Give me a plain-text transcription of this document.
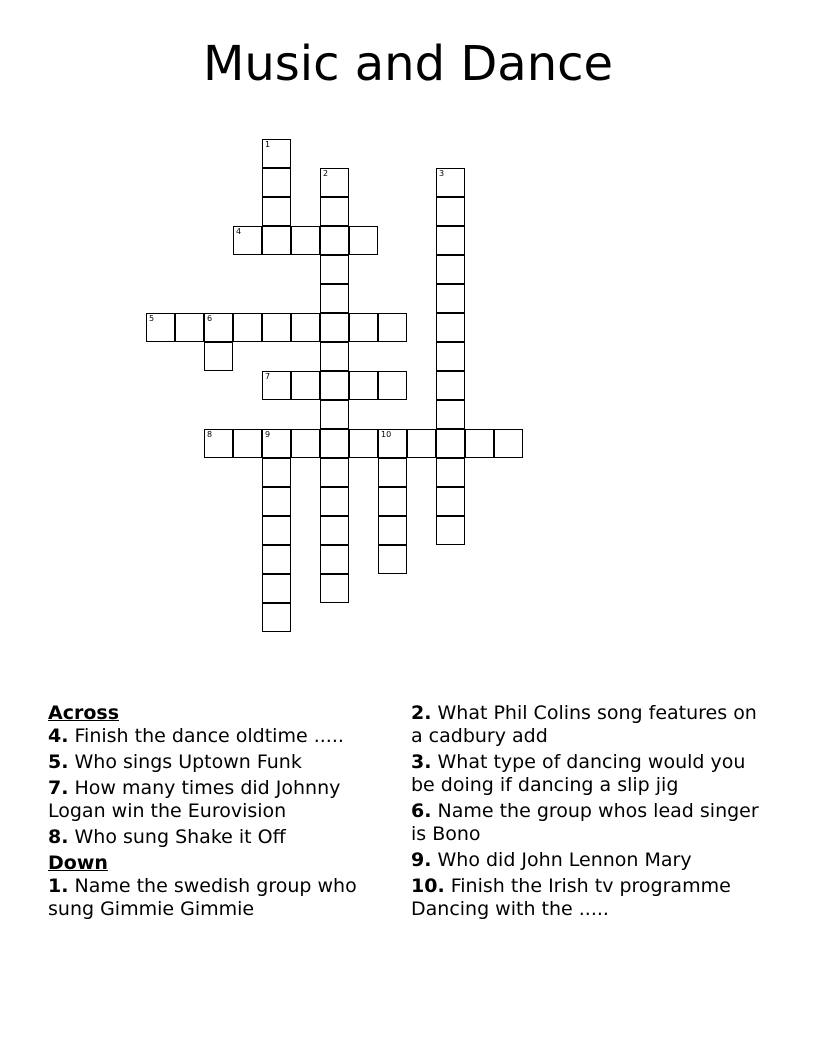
Music and Dance
1
2	3
4
5	6
7
8	9	10
Across
4. Finish the dance oldtime .....
5. Who sings Uptown Funk
7. How many times did Johnny Logan win the Eurovision
8. Who sung Shake it Off
Down
1. Name the swedish group who sung Gimmie Gimmie
2. What Phil Colins song features on a cadbury add
3. What type of dancing would you be doing if dancing a slip jig
6. Name the group whos lead singer is Bono
9. Who did John Lennon Mary
10. Finish the Irish tv programme Dancing with the .....
